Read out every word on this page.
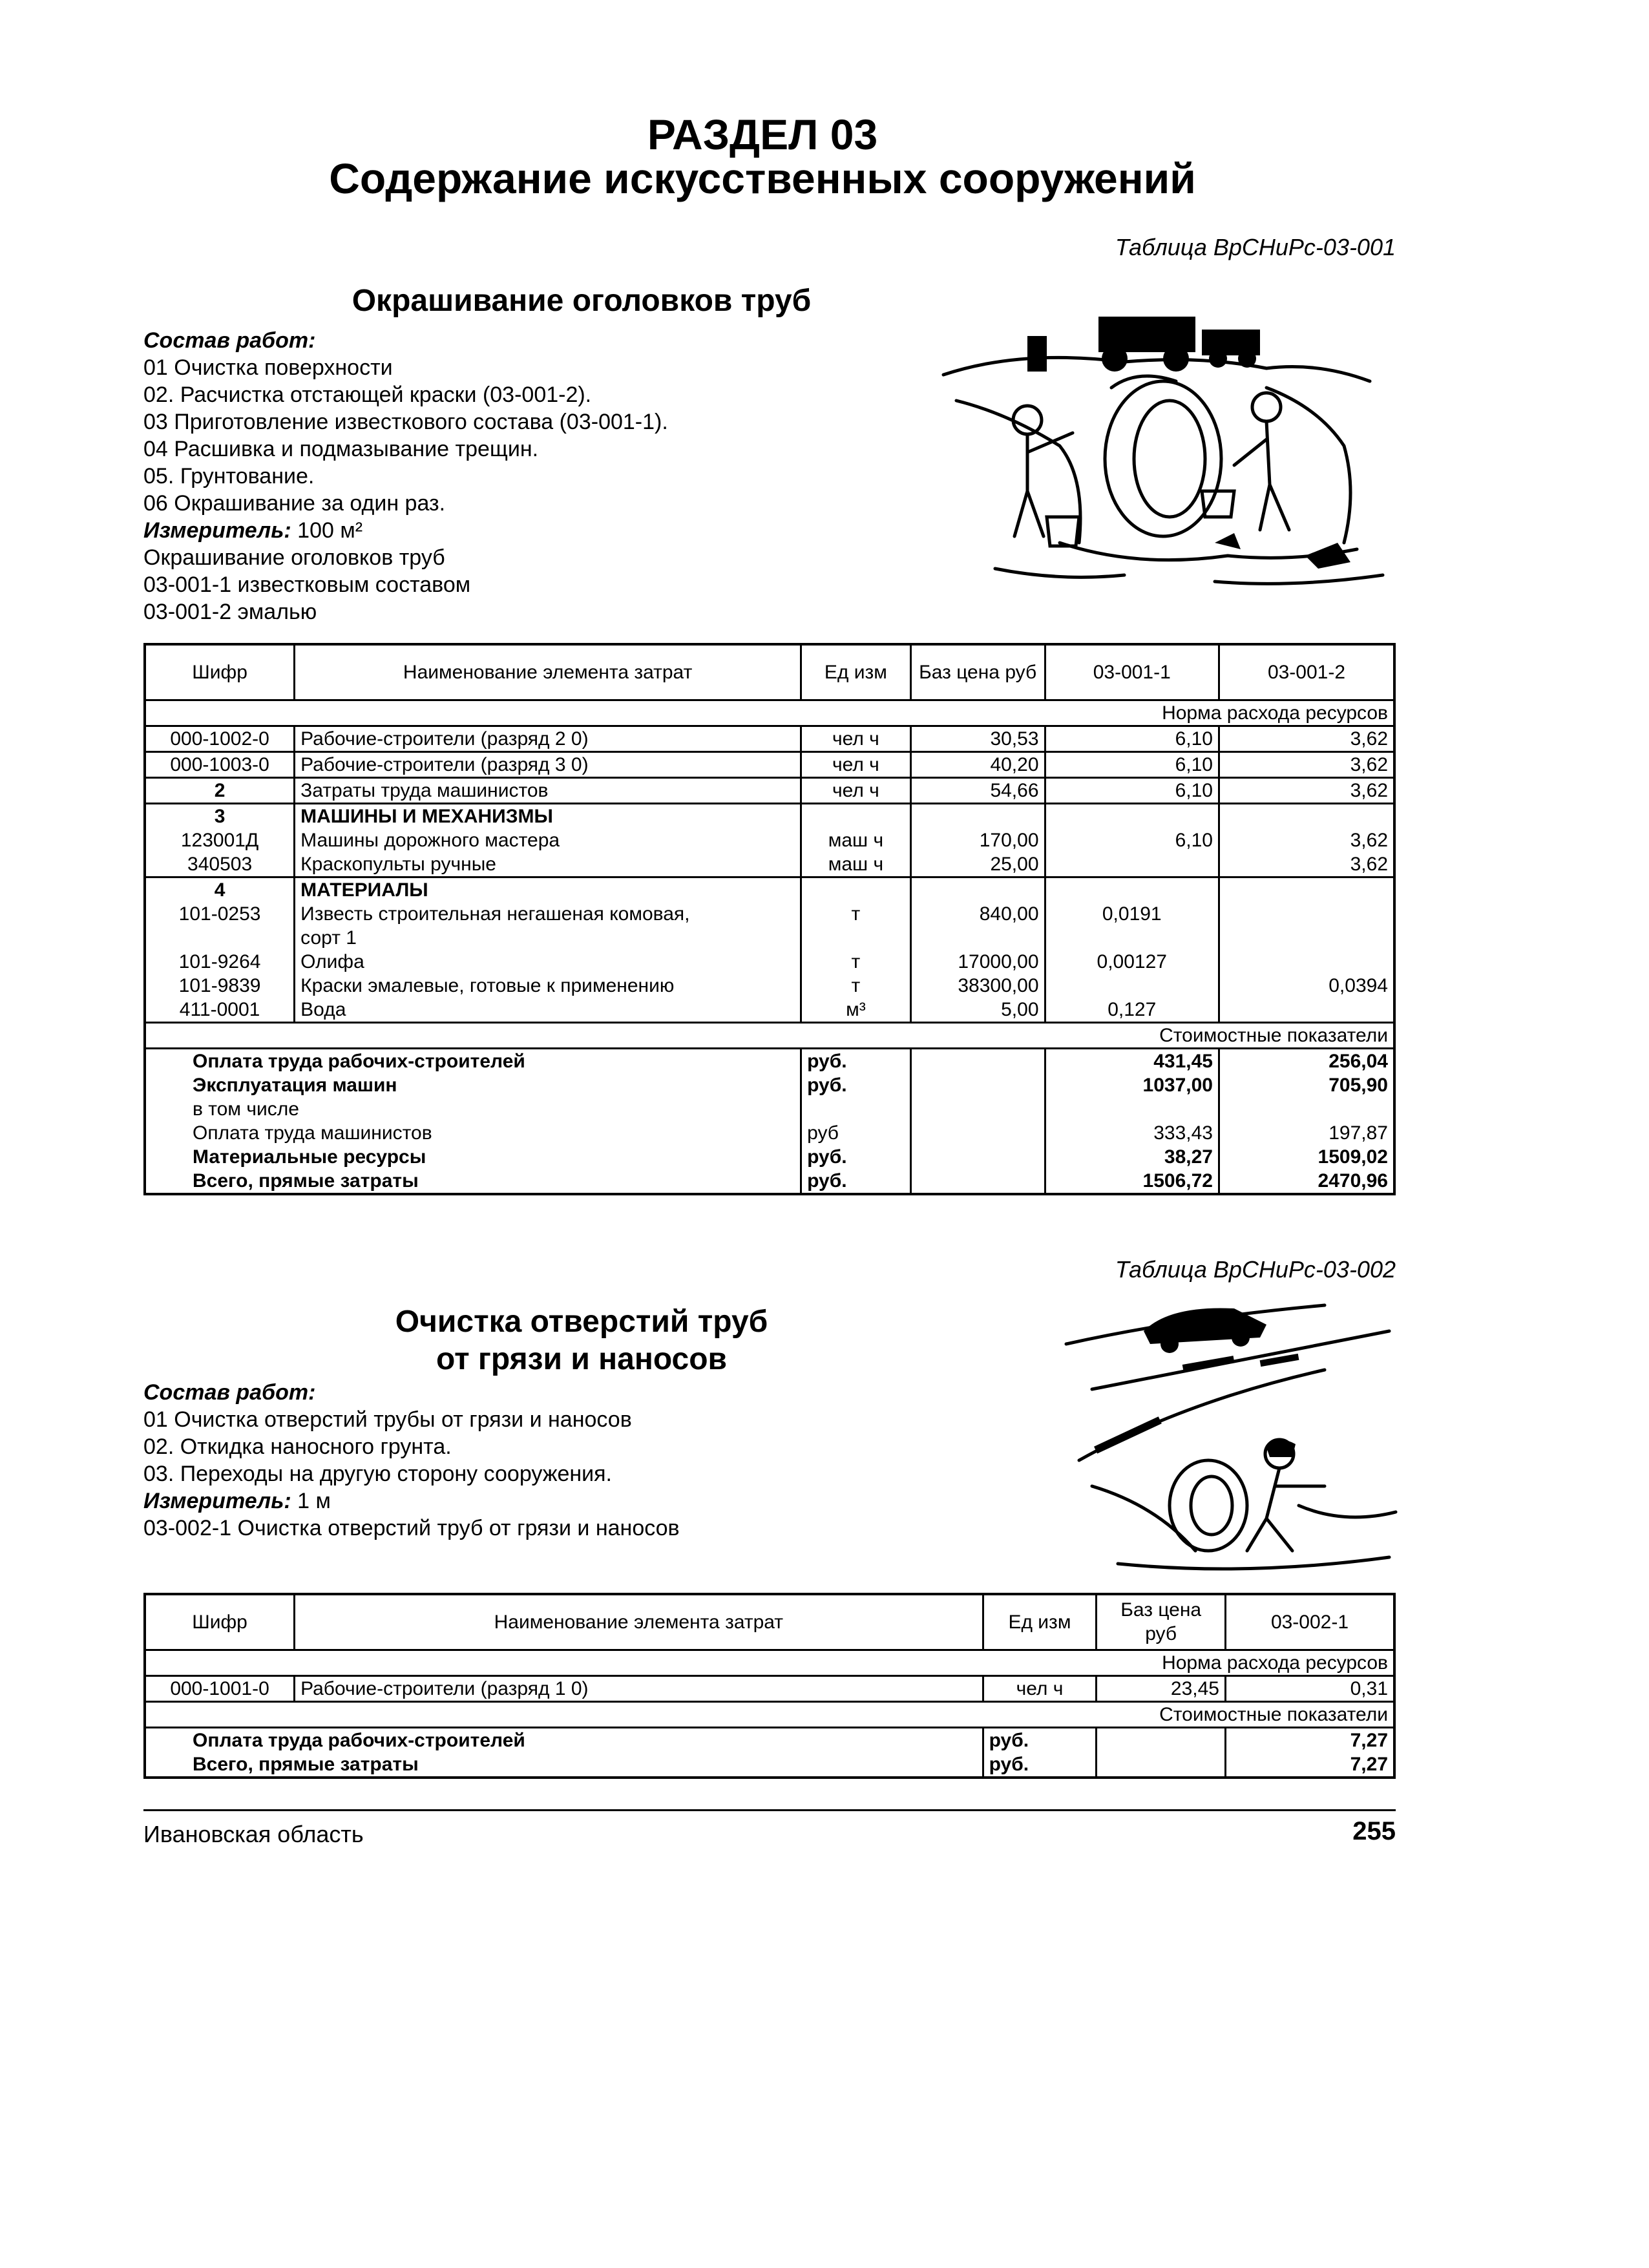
РАЗДЕЛ 03
Содержание искусственных сооружений
Таблица ВрСНиРс-03-001
Окрашивание оголовков труб
Состав работ:
01 Очистка поверхности
02. Расчистка отстающей краски (03-001-2).
03 Приготовление известкового состава (03-001-1).
04 Расшивка и подмазывание трещин.
05. Грунтование.
06 Окрашивание за один раз.
Измеритель: 100 м²
Окрашивание оголовков труб
03-001-1 известковым составом
03-001-2 эмалью
Шифр	Наименование элемента затрат	Ед изм	Баз цена руб	03-001-1	03-001-2
	Норма расхода ресурсов				
000-1002-0	Рабочие-строители (разряд 2 0)	чел ч	30,53	6,10	3,62
000-1003-0	Рабочие-строители (разряд 3 0)	чел ч	40,20	6,10	3,62
2	Затраты труда машинистов	чел ч	54,66	6,10	3,62
3	МАШИНЫ И МЕХАНИЗМЫ				
123001Д	Машины дорожного мастера	маш ч	170,00	6,10	3,62
340503	Краскопульты ручные	маш ч	25,00		3,62
4	МАТЕРИАЛЫ				
101-0253	Известь строительная негашеная комовая,	т	840,00	0,0191	
	сорт 1				
101-9264	Олифа	т	17000,00	0,00127	
101-9839	Краски эмалевые, готовые к применению	т	38300,00		0,0394
411-0001	Вода	м³	5,00	0,127	
	Стоимостные показатели				
Оплата труда рабочих-строителей		руб.		431,45	256,04
Эксплуатация машин		руб.		1037,00	705,90
в том числе					
Оплата труда машинистов		руб		333,43	197,87
Материальные ресурсы		руб.		38,27	1509,02
Всего, прямые затраты		руб.		1506,72	2470,96
Таблица ВрСНиРс-03-002
Очистка отверстий труб
от грязи и наносов
Состав работ:
01 Очистка отверстий трубы от грязи и наносов
02. Откидка наносного грунта.
03. Переходы на другую сторону сооружения.
Измеритель: 1 м
03-002-1 Очистка отверстий труб от грязи и наносов
Шифр	Наименование элемента затрат	Ед изм	Баз цена руб	03-002-1
	Норма расхода ресурсов			
000-1001-0	Рабочие-строители (разряд 1 0)	чел ч	23,45	0,31
	Стоимостные показатели			
Оплата труда рабочих-строителей		руб.		7,27
Всего, прямые затраты		руб.		7,27
Ивановская область	255
